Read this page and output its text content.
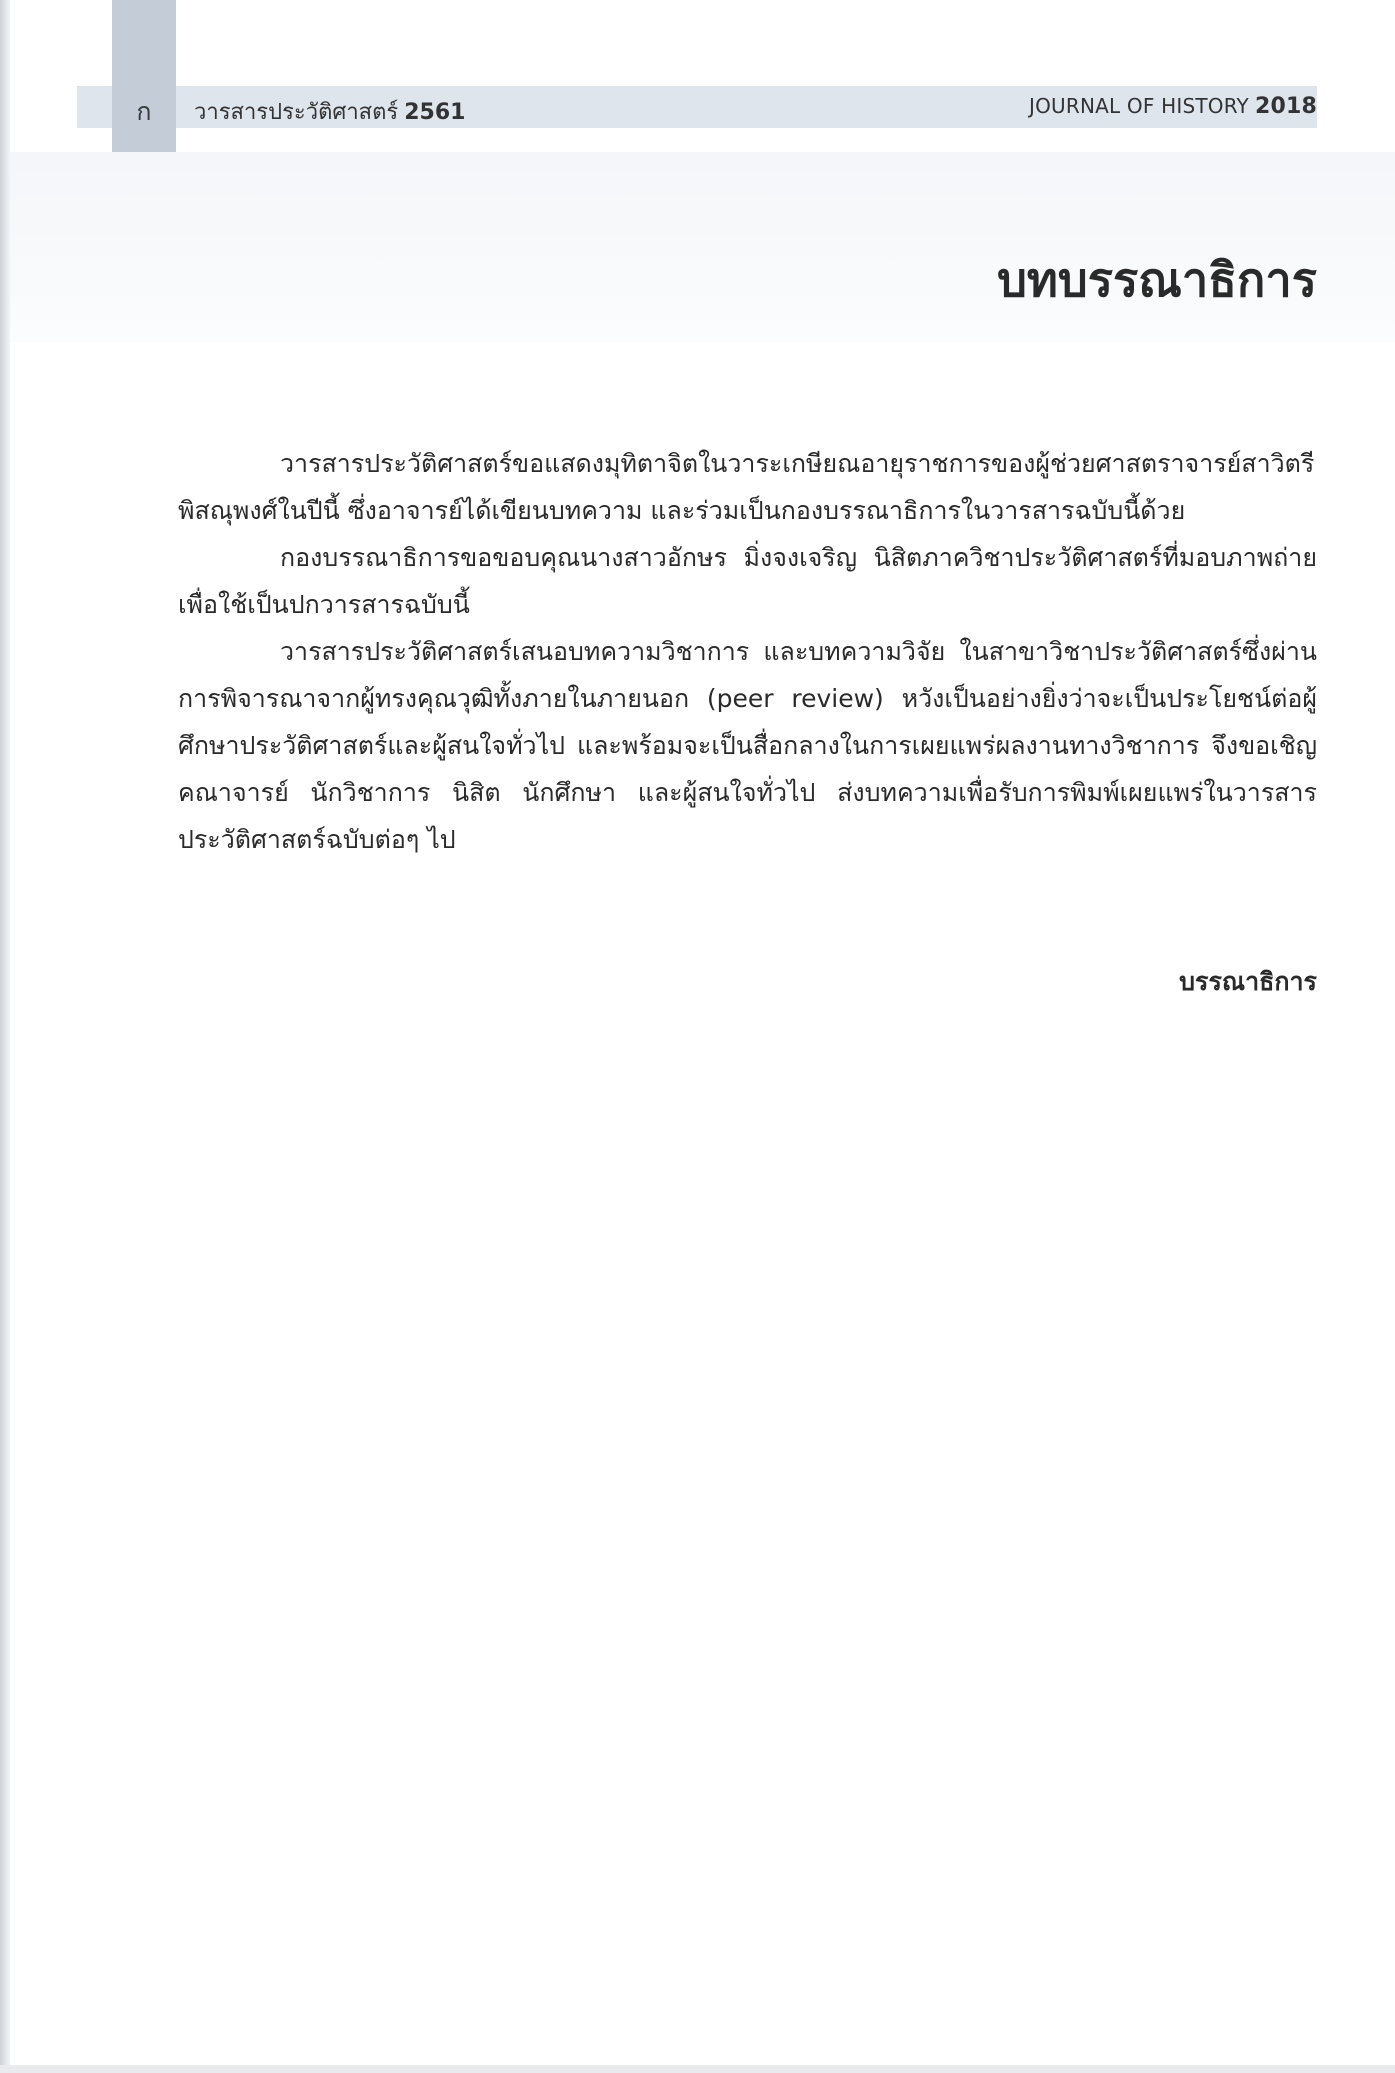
ก	วารสารประวัติศาสตร์ 2561	JOURNAL OF HISTORY 2018
บทบรรณาธิการ

วารสารประวัติศาสตร์ขอแสดงมุทิตาจิตในวาระเกษียณอายุราชการของผู้ช่วยศาสตราจารย์สาวิตรี พิสณุพงศ์ในปีนี้ ซึ่งอาจารย์ได้เขียนบทความ และร่วมเป็นกองบรรณาธิการในวารสารฉบับนี้ด้วย

กองบรรณาธิการขอขอบคุณนางสาวอักษร มิ่งจงเจริญ นิสิตภาควิชาประวัติศาสตร์ที่มอบภาพถ่ายเพื่อใช้เป็นปกวารสารฉบับนี้

วารสารประวัติศาสตร์เสนอบทความวิชาการ และบทความวิจัย ในสาขาวิชาประวัติศาสตร์ซึ่งผ่านการพิจารณาจากผู้ทรงคุณวุฒิทั้งภายในภายนอก (peer review) หวังเป็นอย่างยิ่งว่าจะเป็นประโยชน์ต่อผู้ศึกษาประวัติศาสตร์และผู้สนใจทั่วไป และพร้อมจะเป็นสื่อกลางในการเผยแพร่ผลงานทางวิชาการ จึงขอเชิญคณาจารย์ นักวิชาการ นิสิต นักศึกษา และผู้สนใจทั่วไป ส่งบทความเพื่อรับการพิมพ์เผยแพร่ในวารสารประวัติศาสตร์ฉบับต่อๆ ไป

บรรณาธิการ
